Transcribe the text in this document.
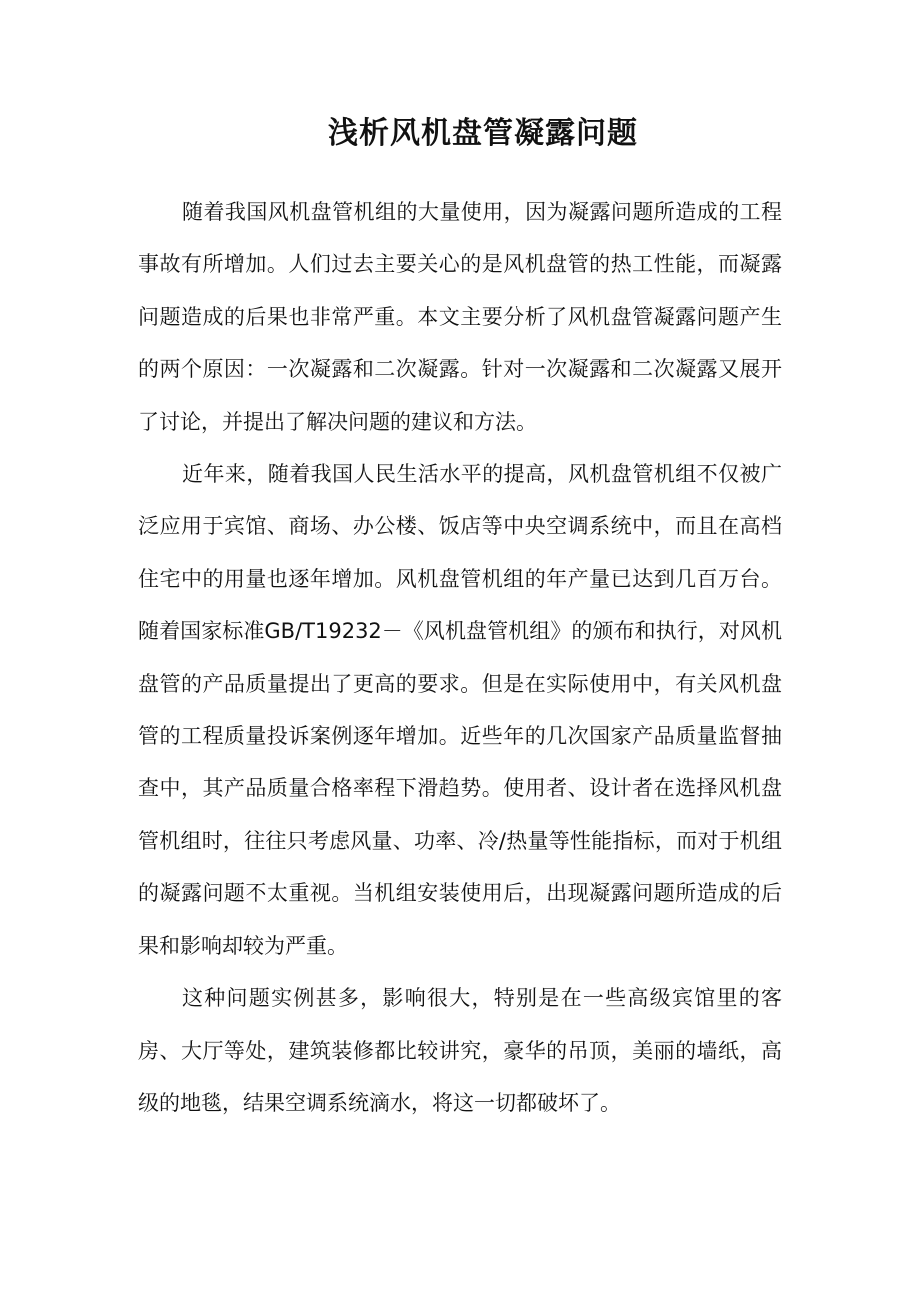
浅析风机盘管凝露问题

随着我国风机盘管机组的大量使用，因为凝露问题所造成的工程事故有所增加。人们过去主要关心的是风机盘管的热工性能，而凝露问题造成的后果也非常严重。本文主要分析了风机盘管凝露问题产生的两个原因：一次凝露和二次凝露。针对一次凝露和二次凝露又展开了讨论，并提出了解决问题的建议和方法。

近年来，随着我国人民生活水平的提高，风机盘管机组不仅被广泛应用于宾馆、商场、办公楼、饭店等中央空调系统中，而且在高档住宅中的用量也逐年增加。风机盘管机组的年产量已达到几百万台。随着国家标准GB/T19232－《风机盘管机组》的颁布和执行，对风机盘管的产品质量提出了更高的要求。但是在实际使用中，有关风机盘管的工程质量投诉案例逐年增加。近些年的几次国家产品质量监督抽查中，其产品质量合格率程下滑趋势。使用者、设计者在选择风机盘管机组时，往往只考虑风量、功率、冷/热量等性能指标，而对于机组的凝露问题不太重视。当机组安装使用后，出现凝露问题所造成的后果和影响却较为严重。

这种问题实例甚多，影响很大，特别是在一些高级宾馆里的客房、大厅等处，建筑装修都比较讲究，豪华的吊顶，美丽的墙纸，高级的地毯，结果空调系统滴水，将这一切都破坏了。
